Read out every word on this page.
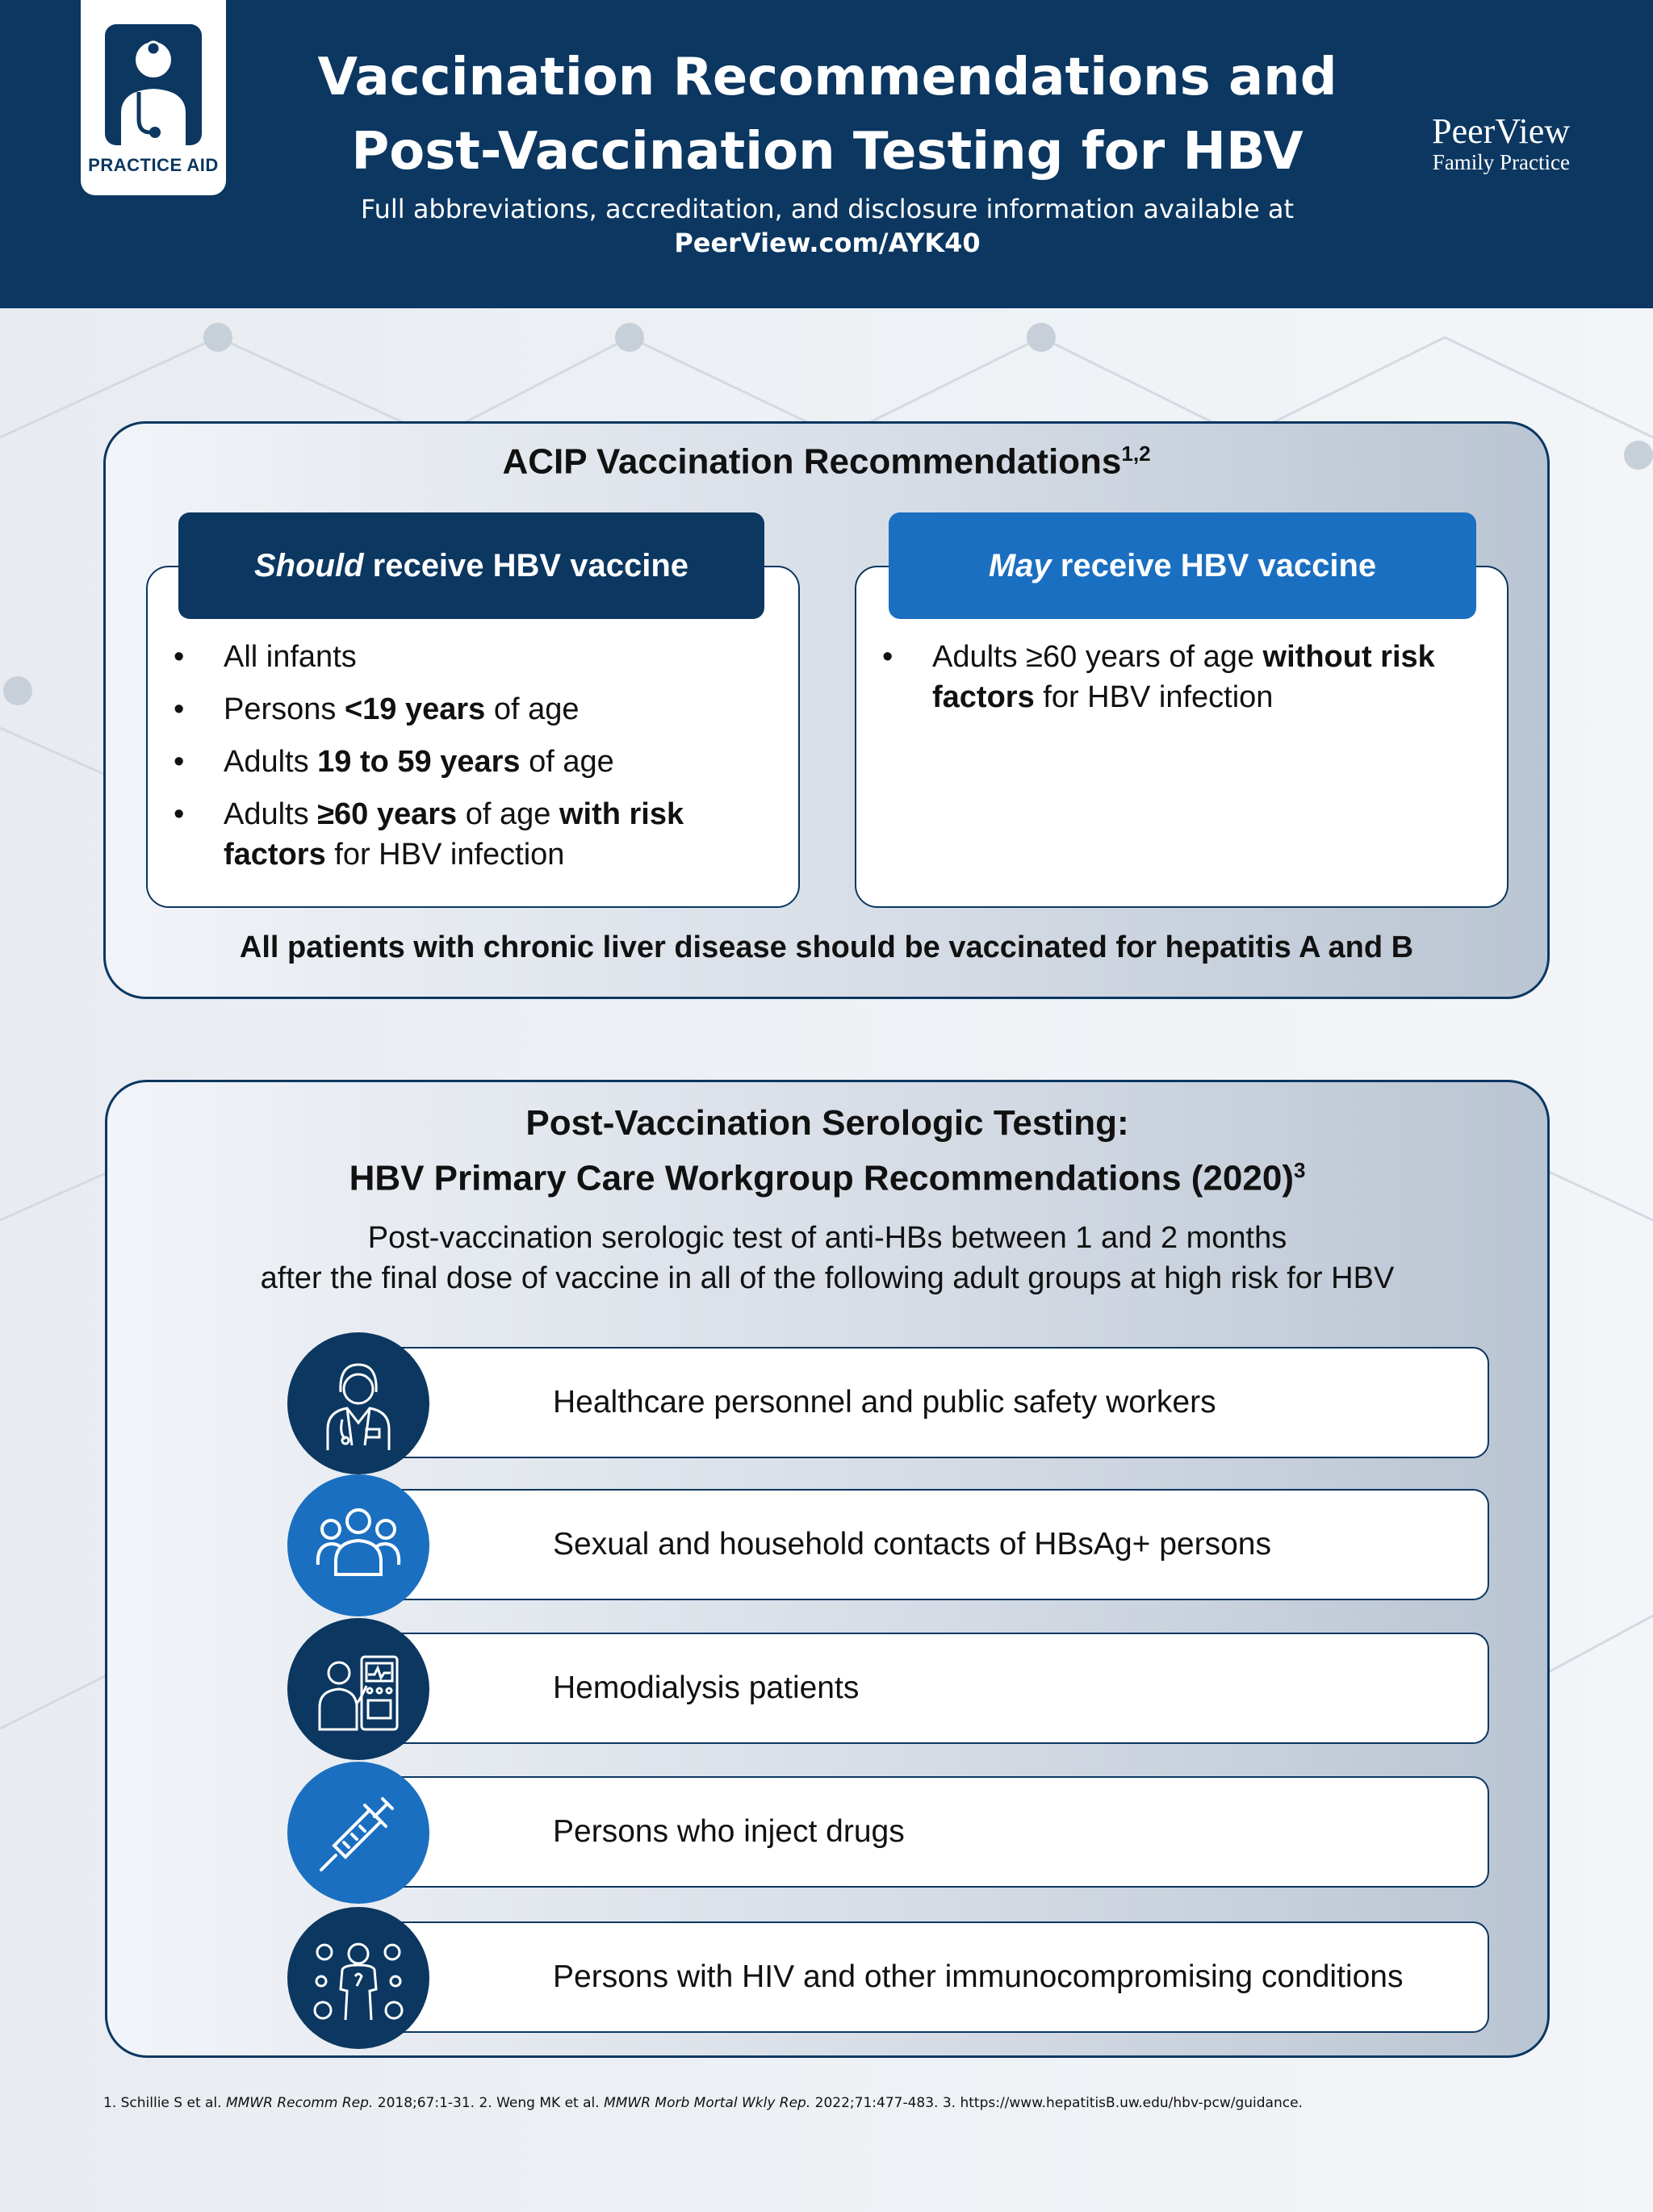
PRACTICE AID
Vaccination Recommendations and
Post-Vaccination Testing for HBV
Full abbreviations, accreditation, and disclosure information available at
PeerView.com/AYK40
PeerView
Family Practice
ACIP Vaccination Recommendations$^{1,2}$
• All infants
• Persons <19 years of age
• Adults 19 to 59 years of age
• Adults ≥60 years of age with risk factors for HBV infection
Should receive HBV vaccine
• Adults ≥60 years of age without risk factors for HBV infection
May receive HBV vaccine
All patients with chronic liver disease should be vaccinated for hepatitis A and B
Post-Vaccination Serologic Testing:
HBV Primary Care Workgroup Recommendations $(2020)^3$
Post-vaccination serologic test of anti-HBs between 1 and 2 months
after the final dose of vaccine in all of the following adult groups at high risk for HBV
Healthcare personnel and public safety workers
Sexual and household contacts of HBsAg+ persons
Hemodialysis patients
Persons who inject drugs
Persons with HIV and other immunocompromising conditions
1. Schillie S et al. MMWR Recomm Rep. 2018;67:1-31. 2. Weng MK et al. MMWR Morb Mortal Wkly Rep. 2022;71:477-483. 3. https://www.hepatitisB.uw.edu/hbv-pcw/guidance.
